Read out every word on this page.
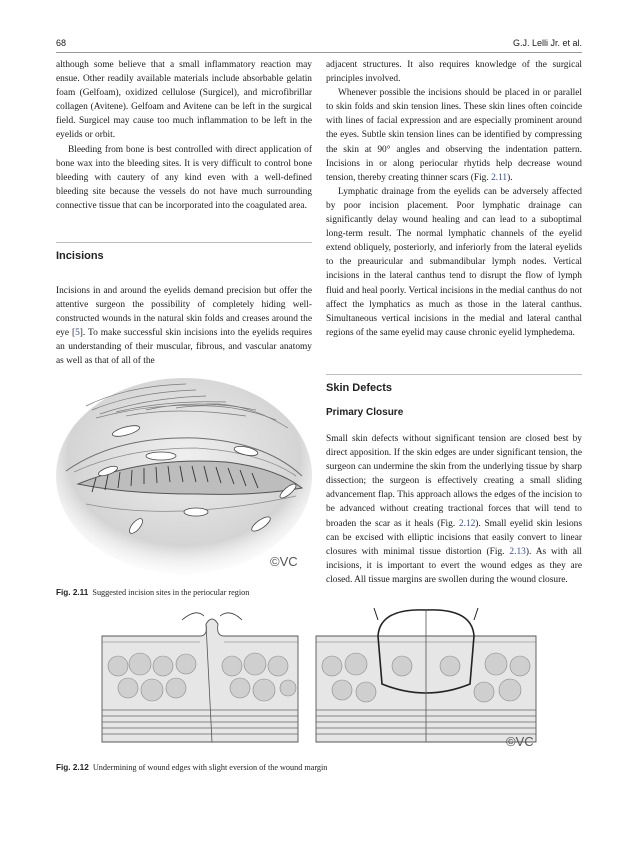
68	G.J. Lelli Jr. et al.

although some believe that a small inflammatory reaction may ensue. Other readily available materials include absorbable gelatin foam (Gelfoam), oxidized cellulose (Surgicel), and microfibrillar collagen (Avitene). Gelfoam and Avitene can be left in the surgical field. Surgicel may cause too much inflammation to be left in the eyelids or orbit.

Bleeding from bone is best controlled with direct application of bone wax into the bleeding sites. It is very difficult to control bone bleeding with cautery of any kind even with a well-defined bleeding site because the vessels do not have much surrounding connective tissue that can be incorporated into the coagulated area.

Incisions

Incisions in and around the eyelids demand precision but offer the attentive surgeon the possibility of completely hiding well-constructed wounds in the natural skin folds and creases around the eye [5]. To make successful skin incisions into the eyelids requires an understanding of their muscular, fibrous, and vascular anatomy as well as that of all of the

adjacent structures. It also requires knowledge of the surgical principles involved.

Whenever possible the incisions should be placed in or parallel to skin folds and skin tension lines. These skin lines often coincide with lines of facial expression and are especially prominent around the eyes. Subtle skin tension lines can be identified by compressing the skin at 90° angles and observing the indentation pattern. Incisions in or along periocular rhytids help decrease wound tension, thereby creating thinner scars (Fig. 2.11).

Lymphatic drainage from the eyelids can be adversely affected by poor incision placement. Poor lymphatic drainage can significantly delay wound healing and can lead to a suboptimal long-term result. The normal lymphatic channels of the eyelid extend obliquely, posteriorly, and inferiorly from the lateral eyelids to the preauricular and submandibular lymph nodes. Vertical incisions in the lateral canthus tend to disrupt the flow of lymph fluid and heal poorly. Vertical incisions in the medial canthus do not affect the lymphatics as much as those in the lateral canthus. Simultaneous vertical incisions in the medial and lateral canthal regions of the same eyelid may cause chronic eyelid lymphedema.

Skin Defects
Primary Closure

Small skin defects without significant tension are closed best by direct apposition. If the skin edges are under significant tension, the surgeon can undermine the skin from the underlying tissue by sharp dissection; the surgeon is effectively creating a small sliding advancement flap. This approach allows the edges of the incision to be advanced without creating tractional forces that will tend to broaden the scar as it heals (Fig. 2.12). Small eyelid skin lesions can be excised with elliptic incisions that easily convert to linear closures with minimal tissue distortion (Fig. 2.13). As with all incisions, it is important to evert the wound edges as they are closed. All tissue margins are swollen during the wound closure.

©VC
Fig. 2.11 Suggested incision sites in the periocular region
©VC
Fig. 2.12 Undermining of wound edges with slight eversion of the wound margin
